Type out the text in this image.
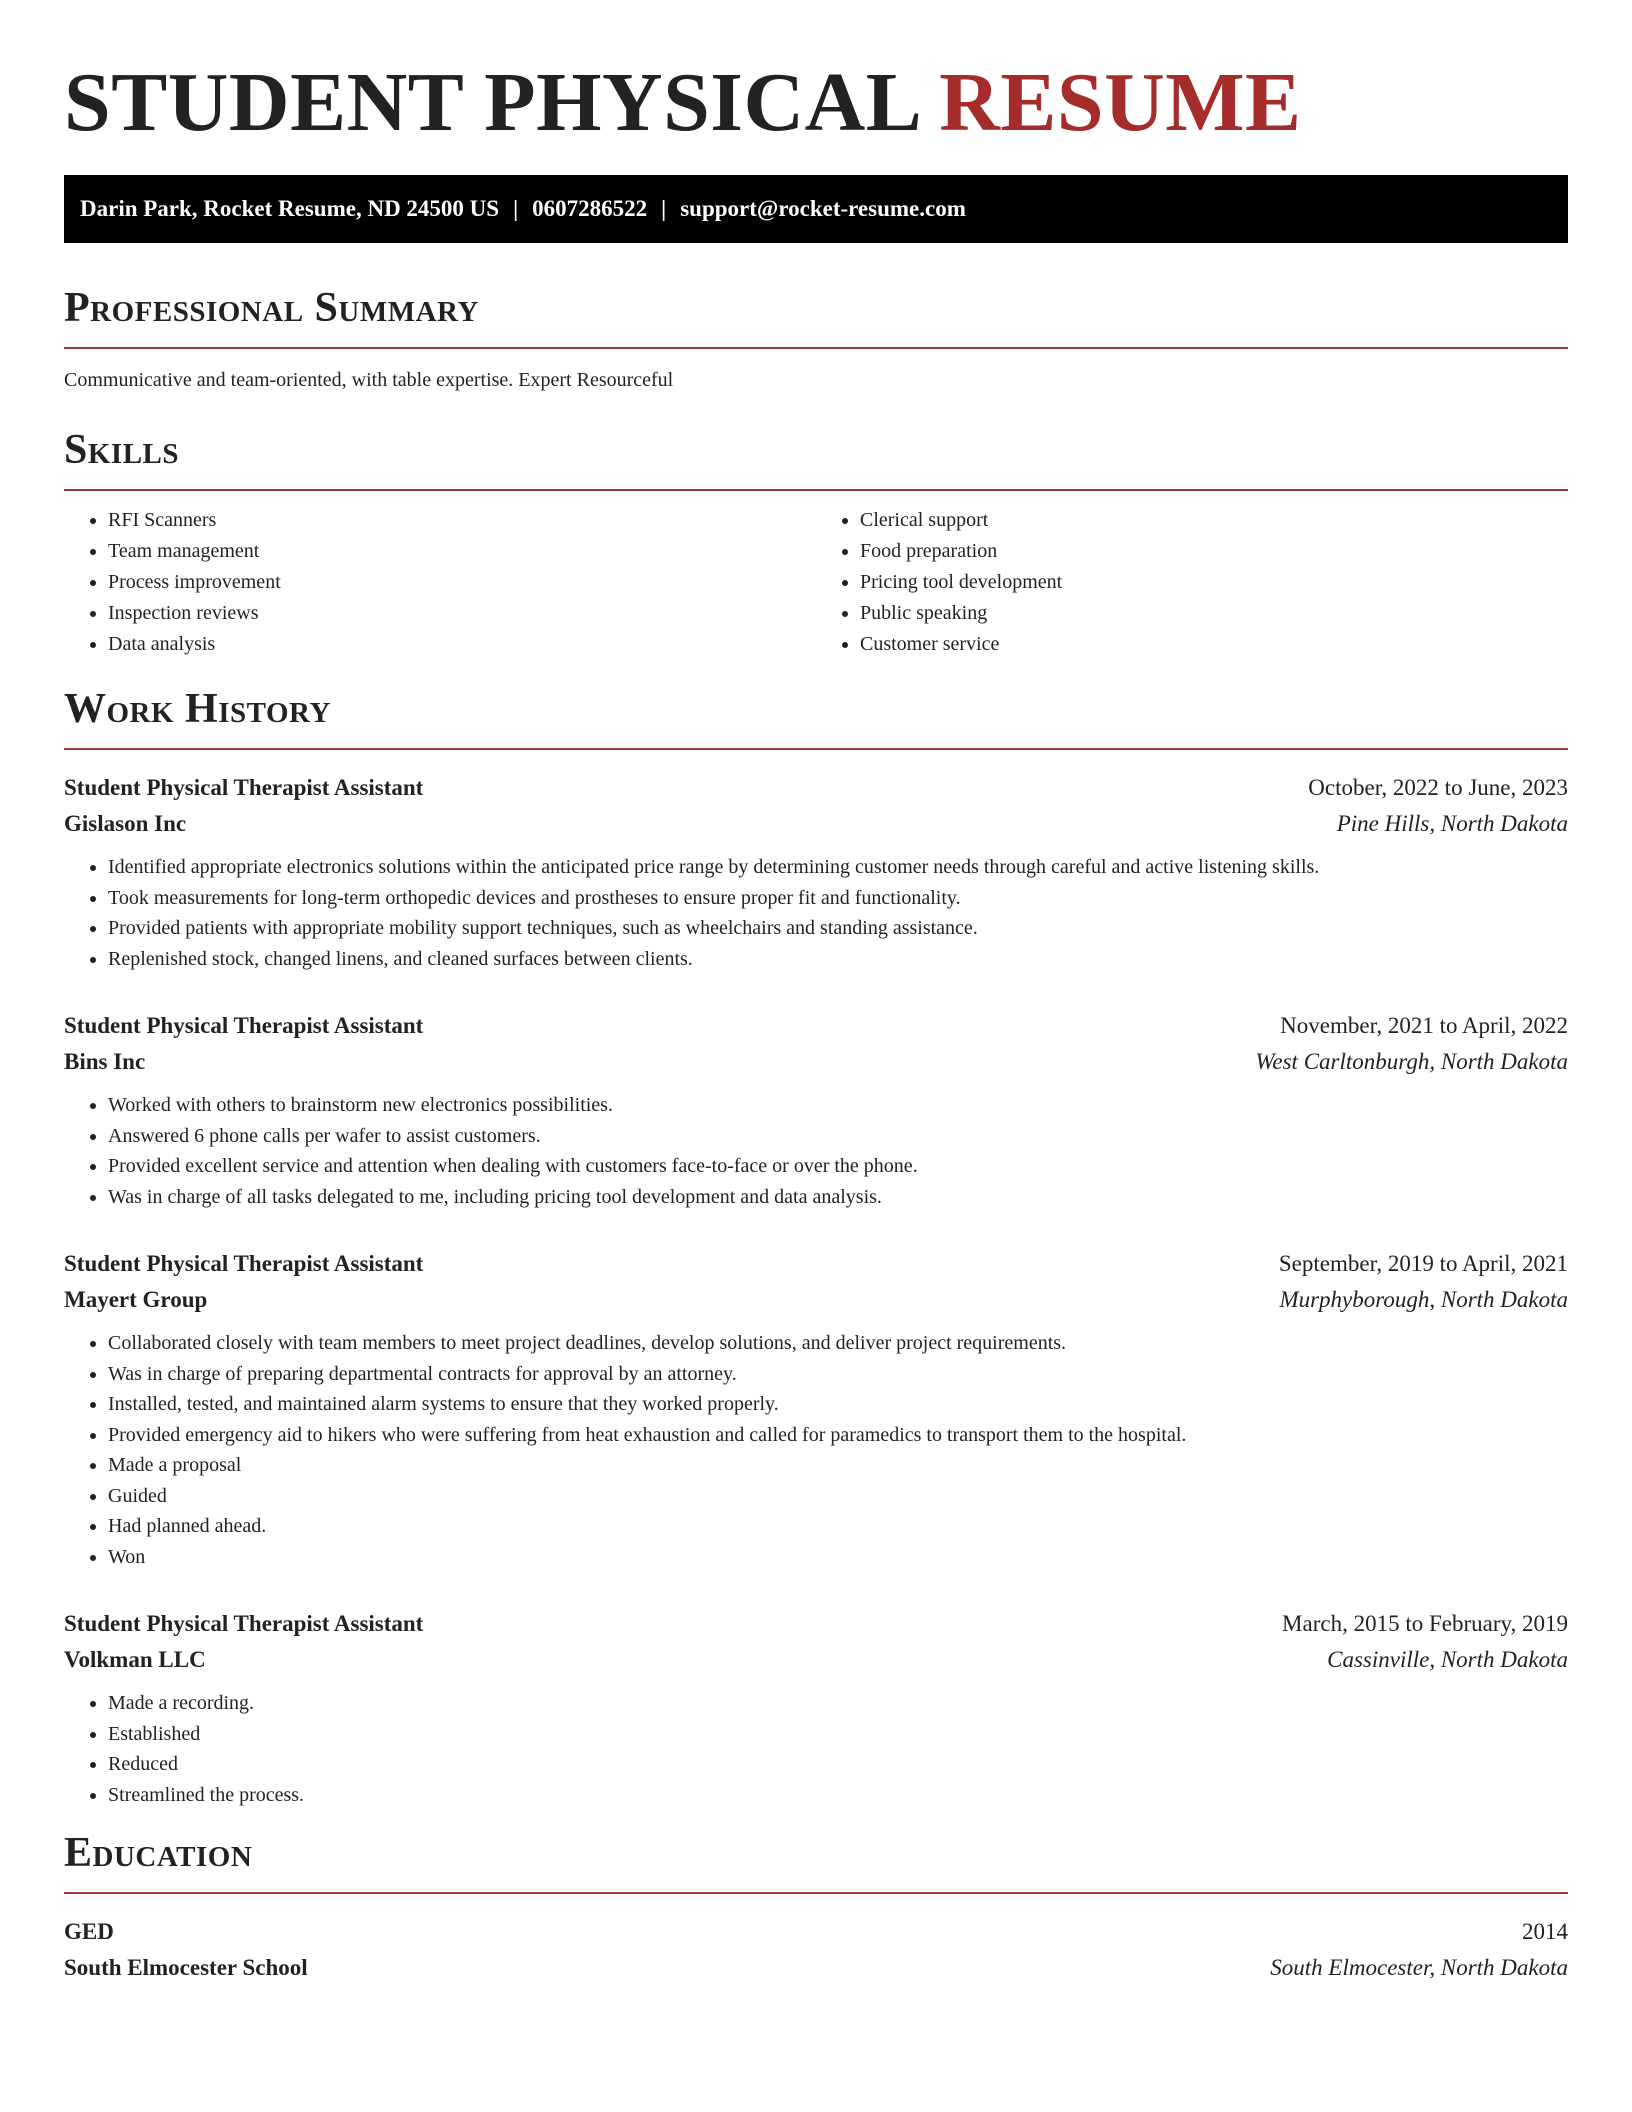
STUDENT PHYSICAL RESUME
Darin Park, Rocket Resume, ND 24500 US | 0607286522 | support@rocket-resume.com
Professional Summary
Communicative and team-oriented, with table expertise. Expert Resourceful
Skills
• RFI Scanners
• Team management
• Process improvement
• Inspection reviews
• Data analysis
• Clerical support
• Food preparation
• Pricing tool development
• Public speaking
• Customer service
Work History
Student Physical Therapist Assistant	October, 2022 to June, 2023
Gislason Inc	Pine Hills, North Dakota
• Identified appropriate electronics solutions within the anticipated price range by determining customer needs through careful and active listening skills.
• Took measurements for long-term orthopedic devices and prostheses to ensure proper fit and functionality.
• Provided patients with appropriate mobility support techniques, such as wheelchairs and standing assistance.
• Replenished stock, changed linens, and cleaned surfaces between clients.
Student Physical Therapist Assistant	November, 2021 to April, 2022
Bins Inc	West Carltonburgh, North Dakota
• Worked with others to brainstorm new electronics possibilities.
• Answered 6 phone calls per wafer to assist customers.
• Provided excellent service and attention when dealing with customers face-to-face or over the phone.
• Was in charge of all tasks delegated to me, including pricing tool development and data analysis.
Student Physical Therapist Assistant	September, 2019 to April, 2021
Mayert Group	Murphyborough, North Dakota
• Collaborated closely with team members to meet project deadlines, develop solutions, and deliver project requirements.
• Was in charge of preparing departmental contracts for approval by an attorney.
• Installed, tested, and maintained alarm systems to ensure that they worked properly.
• Provided emergency aid to hikers who were suffering from heat exhaustion and called for paramedics to transport them to the hospital.
• Made a proposal
• Guided
• Had planned ahead.
• Won
Student Physical Therapist Assistant	March, 2015 to February, 2019
Volkman LLC	Cassinville, North Dakota
• Made a recording.
• Established
• Reduced
• Streamlined the process.
Education
GED	2014
South Elmocester School	South Elmocester, North Dakota
